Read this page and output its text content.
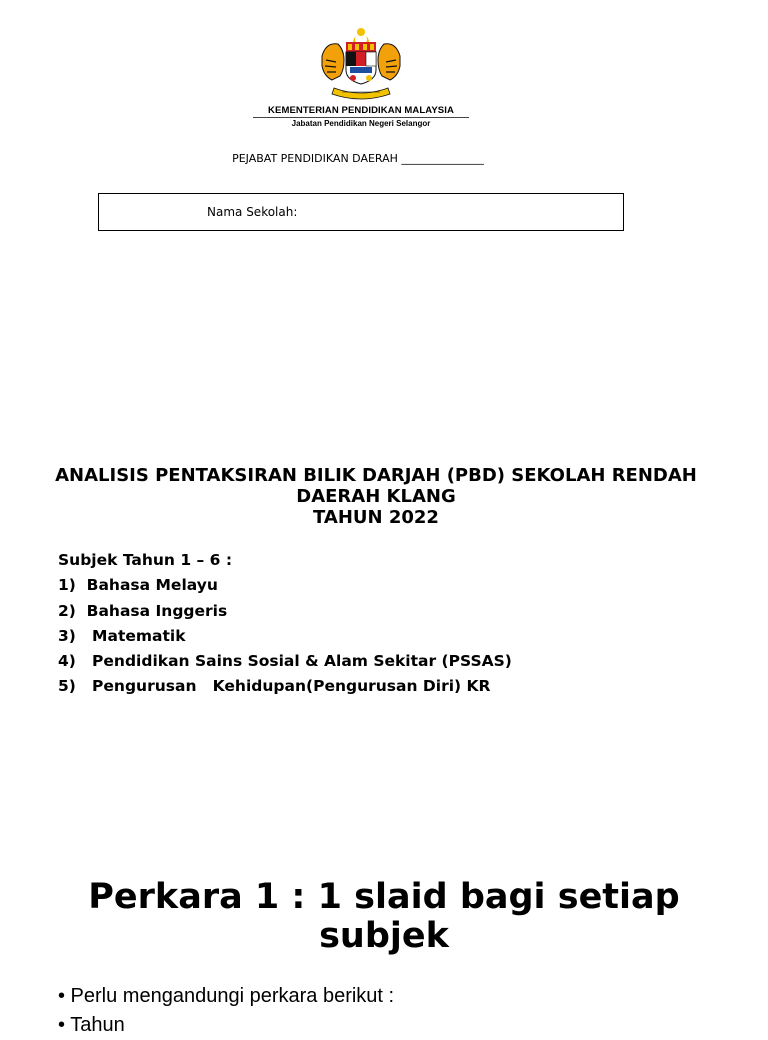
KEMENTERIAN PENDIDIKAN MALAYSIA
Jabatan Pendidikan Negeri Selangor
PEJABAT PENDIDIKAN DAERAH _______________
Nama Sekolah:
ANALISIS PENTAKSIRAN BILIK DARJAH (PBD) SEKOLAH RENDAH
DAERAH KLANG
TAHUN 2022
Subjek Tahun 1 – 6 :
1)  Bahasa Melayu
2)  Bahasa Inggeris
3)   Matematik
4)   Pendidikan Sains Sosial & Alam Sekitar (PSSAS)
5)   Pengurusan   Kehidupan(Pengurusan Diri) KR
Perkara 1 : 1 slaid bagi setiap
subjek
• Perlu mengandungi perkara berikut :
• Tahun
